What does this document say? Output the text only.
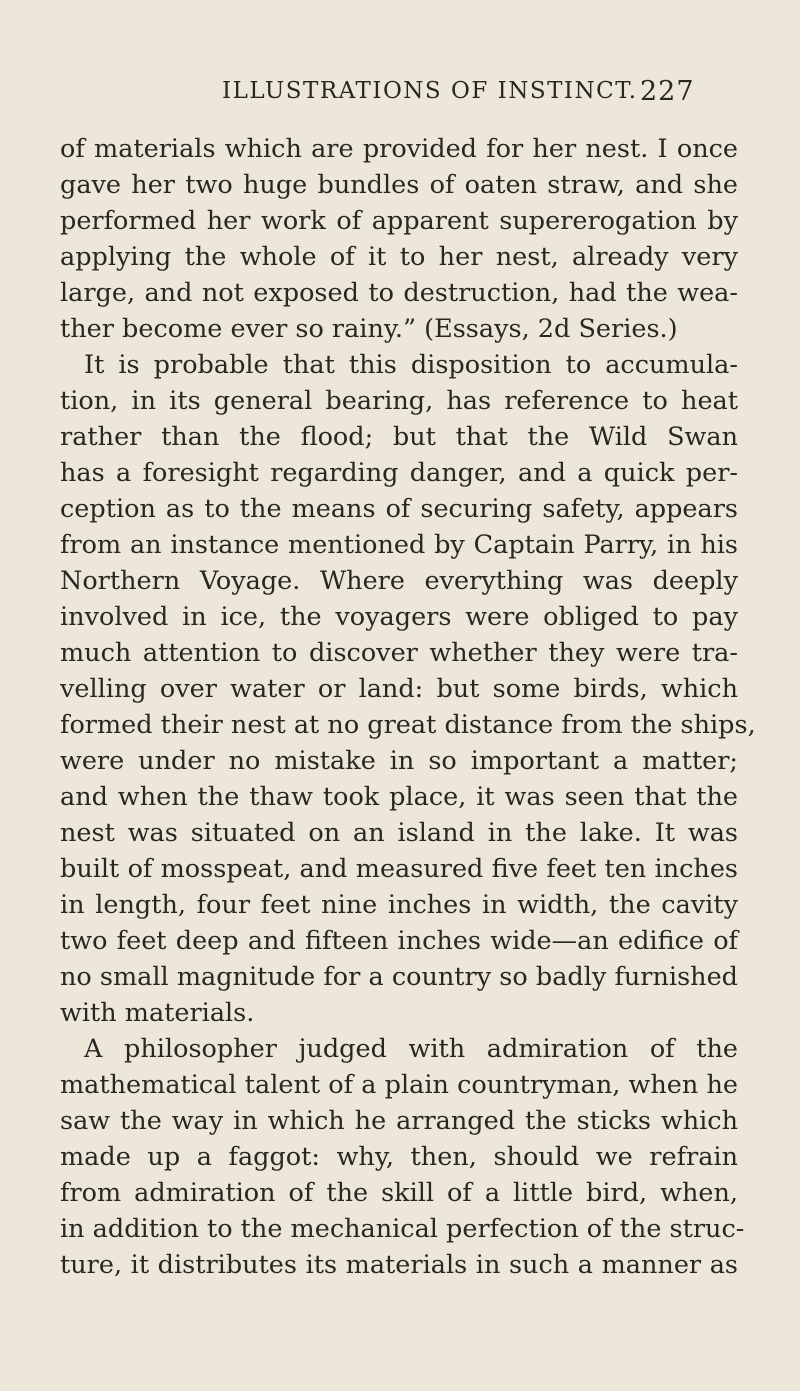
ILLUSTRATIONS OF INSTINCT. 227
of materials which are provided for her nest. I once
gave her two huge bundles of oaten straw, and she
performed her work of apparent supererogation by
applying the whole of it to her nest, already very
large, and not exposed to destruction, had the wea-
ther become ever so rainy.” (Essays, 2d Series.)
It is probable that this disposition to accumula-
tion, in its general bearing, has reference to heat
rather than the flood; but that the Wild Swan
has a foresight regarding danger, and a quick per-
ception as to the means of securing safety, appears
from an instance mentioned by Captain Parry, in his
Northern Voyage. Where everything was deeply
involved in ice, the voyagers were obliged to pay
much attention to discover whether they were tra-
velling over water or land: but some birds, which
formed their nest at no great distance from the ships,
were under no mistake in so important a matter;
and when the thaw took place, it was seen that the
nest was situated on an island in the lake. It was
built of mosspeat, and measured five feet ten inches
in length, four feet nine inches in width, the cavity
two feet deep and fifteen inches wide—an edifice of
no small magnitude for a country so badly furnished
with materials.
A philosopher judged with admiration of the
mathematical talent of a plain countryman, when he
saw the way in which he arranged the sticks which
made up a faggot: why, then, should we refrain
from admiration of the skill of a little bird, when,
in addition to the mechanical perfection of the struc-
ture, it distributes its materials in such a manner as
